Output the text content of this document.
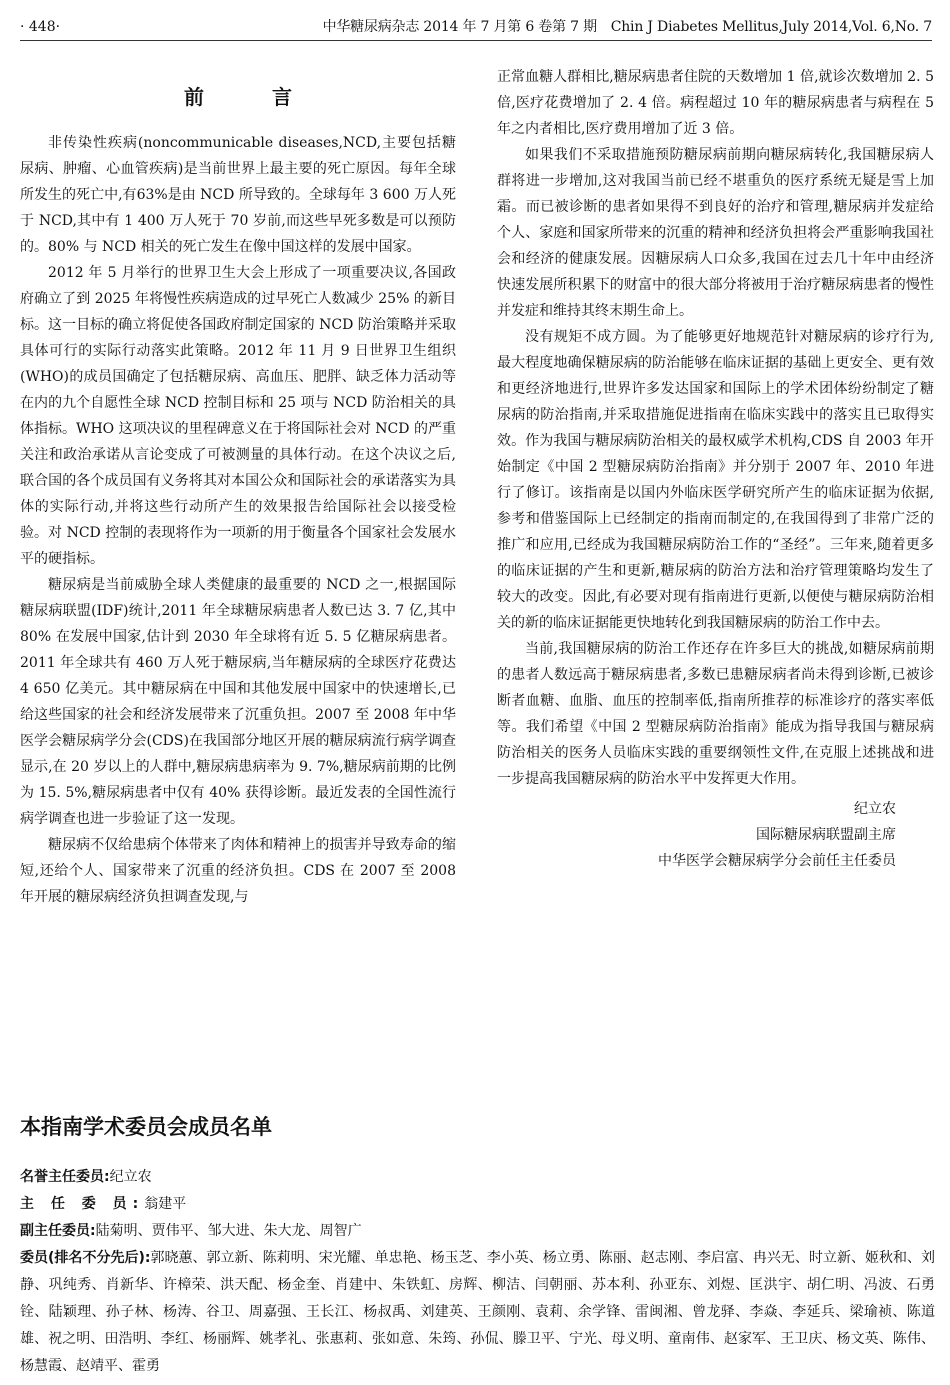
· 448·	中华糖尿病杂志 2014 年 7 月第 6 卷第 7 期　Chin J Diabetes Mellitus,July 2014,Vol. 6,No. 7
前　言

非传染性疾病(noncommunicable diseases,NCD,主要包括糖尿病、肿瘤、心血管疾病)是当前世界上最主要的死亡原因。每年全球所发生的死亡中,有63%是由 NCD 所导致的。全球每年 3 600 万人死于 NCD,其中有 1 400 万人死于 70 岁前,而这些早死多数是可以预防的。80% 与 NCD 相关的死亡发生在像中国这样的发展中国家。

2012 年 5 月举行的世界卫生大会上形成了一项重要决议,各国政府确立了到 2025 年将慢性疾病造成的过早死亡人数减少 25% 的新目标。这一目标的确立将促使各国政府制定国家的 NCD 防治策略并采取具体可行的实际行动落实此策略。2012 年 11 月 9 日世界卫生组织(WHO)的成员国确定了包括糖尿病、高血压、肥胖、缺乏体力活动等在内的九个自愿性全球 NCD 控制目标和 25 项与 NCD 防治相关的具体指标。WHO 这项决议的里程碑意义在于将国际社会对 NCD 的严重关注和政治承诺从言论变成了可被测量的具体行动。在这个决议之后,联合国的各个成员国有义务将其对本国公众和国际社会的承诺落实为具体的实际行动,并将这些行动所产生的效果报告给国际社会以接受检验。对 NCD 控制的表现将作为一项新的用于衡量各个国家社会发展水平的硬指标。

糖尿病是当前威胁全球人类健康的最重要的 NCD 之一,根据国际糖尿病联盟(IDF)统计,2011 年全球糖尿病患者人数已达 3. 7 亿,其中 80% 在发展中国家,估计到 2030 年全球将有近 5. 5 亿糖尿病患者。2011 年全球共有 460 万人死于糖尿病,当年糖尿病的全球医疗花费达 4 650 亿美元。其中糖尿病在中国和其他发展中国家中的快速增长,已给这些国家的社会和经济发展带来了沉重负担。2007 至 2008 年中华医学会糖尿病学分会(CDS)在我国部分地区开展的糖尿病流行病学调查显示,在 20 岁以上的人群中,糖尿病患病率为 9. 7%,糖尿病前期的比例为 15. 5%,糖尿病患者中仅有 40% 获得诊断。最近发表的全国性流行病学调查也进一步验证了这一发现。

糖尿病不仅给患病个体带来了肉体和精神上的损害并导致寿命的缩短,还给个人、国家带来了沉重的经济负担。CDS 在 2007 至 2008 年开展的糖尿病经济负担调查发现,与

正常血糖人群相比,糖尿病患者住院的天数增加 1 倍,就诊次数增加 2. 5 倍,医疗花费增加了 2. 4 倍。病程超过 10 年的糖尿病患者与病程在 5 年之内者相比,医疗费用增加了近 3 倍。

如果我们不采取措施预防糖尿病前期向糖尿病转化,我国糖尿病人群将进一步增加,这对我国当前已经不堪重负的医疗系统无疑是雪上加霜。而已被诊断的患者如果得不到良好的治疗和管理,糖尿病并发症给个人、家庭和国家所带来的沉重的精神和经济负担将会严重影响我国社会和经济的健康发展。因糖尿病人口众多,我国在过去几十年中由经济快速发展所积累下的财富中的很大部分将被用于治疗糖尿病患者的慢性并发症和维持其终末期生命上。

没有规矩不成方圆。为了能够更好地规范针对糖尿病的诊疗行为,最大程度地确保糖尿病的防治能够在临床证据的基础上更安全、更有效和更经济地进行,世界许多发达国家和国际上的学术团体纷纷制定了糖尿病的防治指南,并采取措施促进指南在临床实践中的落实且已取得实效。作为我国与糖尿病防治相关的最权威学术机构,CDS 自 2003 年开始制定《中国 2 型糖尿病防治指南》并分别于 2007 年、2010 年进行了修订。该指南是以国内外临床医学研究所产生的临床证据为依据,参考和借鉴国际上已经制定的指南而制定的,在我国得到了非常广泛的推广和应用,已经成为我国糖尿病防治工作的“圣经”。三年来,随着更多的临床证据的产生和更新,糖尿病的防治方法和治疗管理策略均发生了较大的改变。因此,有必要对现有指南进行更新,以便使与糖尿病防治相关的新的临床证据能更快地转化到我国糖尿病的防治工作中去。

当前,我国糖尿病的防治工作还存在许多巨大的挑战,如糖尿病前期的患者人数远高于糖尿病患者,多数已患糖尿病者尚未得到诊断,已被诊断者血糖、血脂、血压的控制率低,指南所推荐的标准诊疗的落实率低等。我们希望《中国 2 型糖尿病防治指南》能成为指导我国与糖尿病防治相关的医务人员临床实践的重要纲领性文件,在克服上述挑战和进一步提高我国糖尿病的防治水平中发挥更大作用。

纪立农
国际糖尿病联盟副主席
中华医学会糖尿病学分会前任主任委员
本指南学术委员会成员名单
名誉主任委员:纪立农
主 任 委 员:翁建平
副主任委员:陆菊明、贾伟平、邹大进、朱大龙、周智广
委员(排名不分先后):郭晓蕙、郭立新、陈莉明、宋光耀、单忠艳、杨玉芝、李小英、杨立勇、陈丽、赵志刚、李启富、冉兴无、时立新、姬秋和、刘静、巩纯秀、肖新华、许樟荣、洪天配、杨金奎、肖建中、朱铁虹、房辉、柳洁、闫朝丽、苏本利、孙亚东、刘煜、匡洪宇、胡仁明、冯波、石勇铨、陆颖理、孙子林、杨涛、谷卫、周嘉强、王长江、杨叔禹、刘建英、王颜刚、袁莉、余学锋、雷闽湘、曾龙驿、李焱、李延兵、梁瑜祯、陈道雄、祝之明、田浩明、李红、杨丽辉、姚孝礼、张惠莉、张如意、朱筠、孙侃、滕卫平、宁光、母义明、童南伟、赵家军、王卫庆、杨文英、陈伟、杨慧霞、赵靖平、霍勇
